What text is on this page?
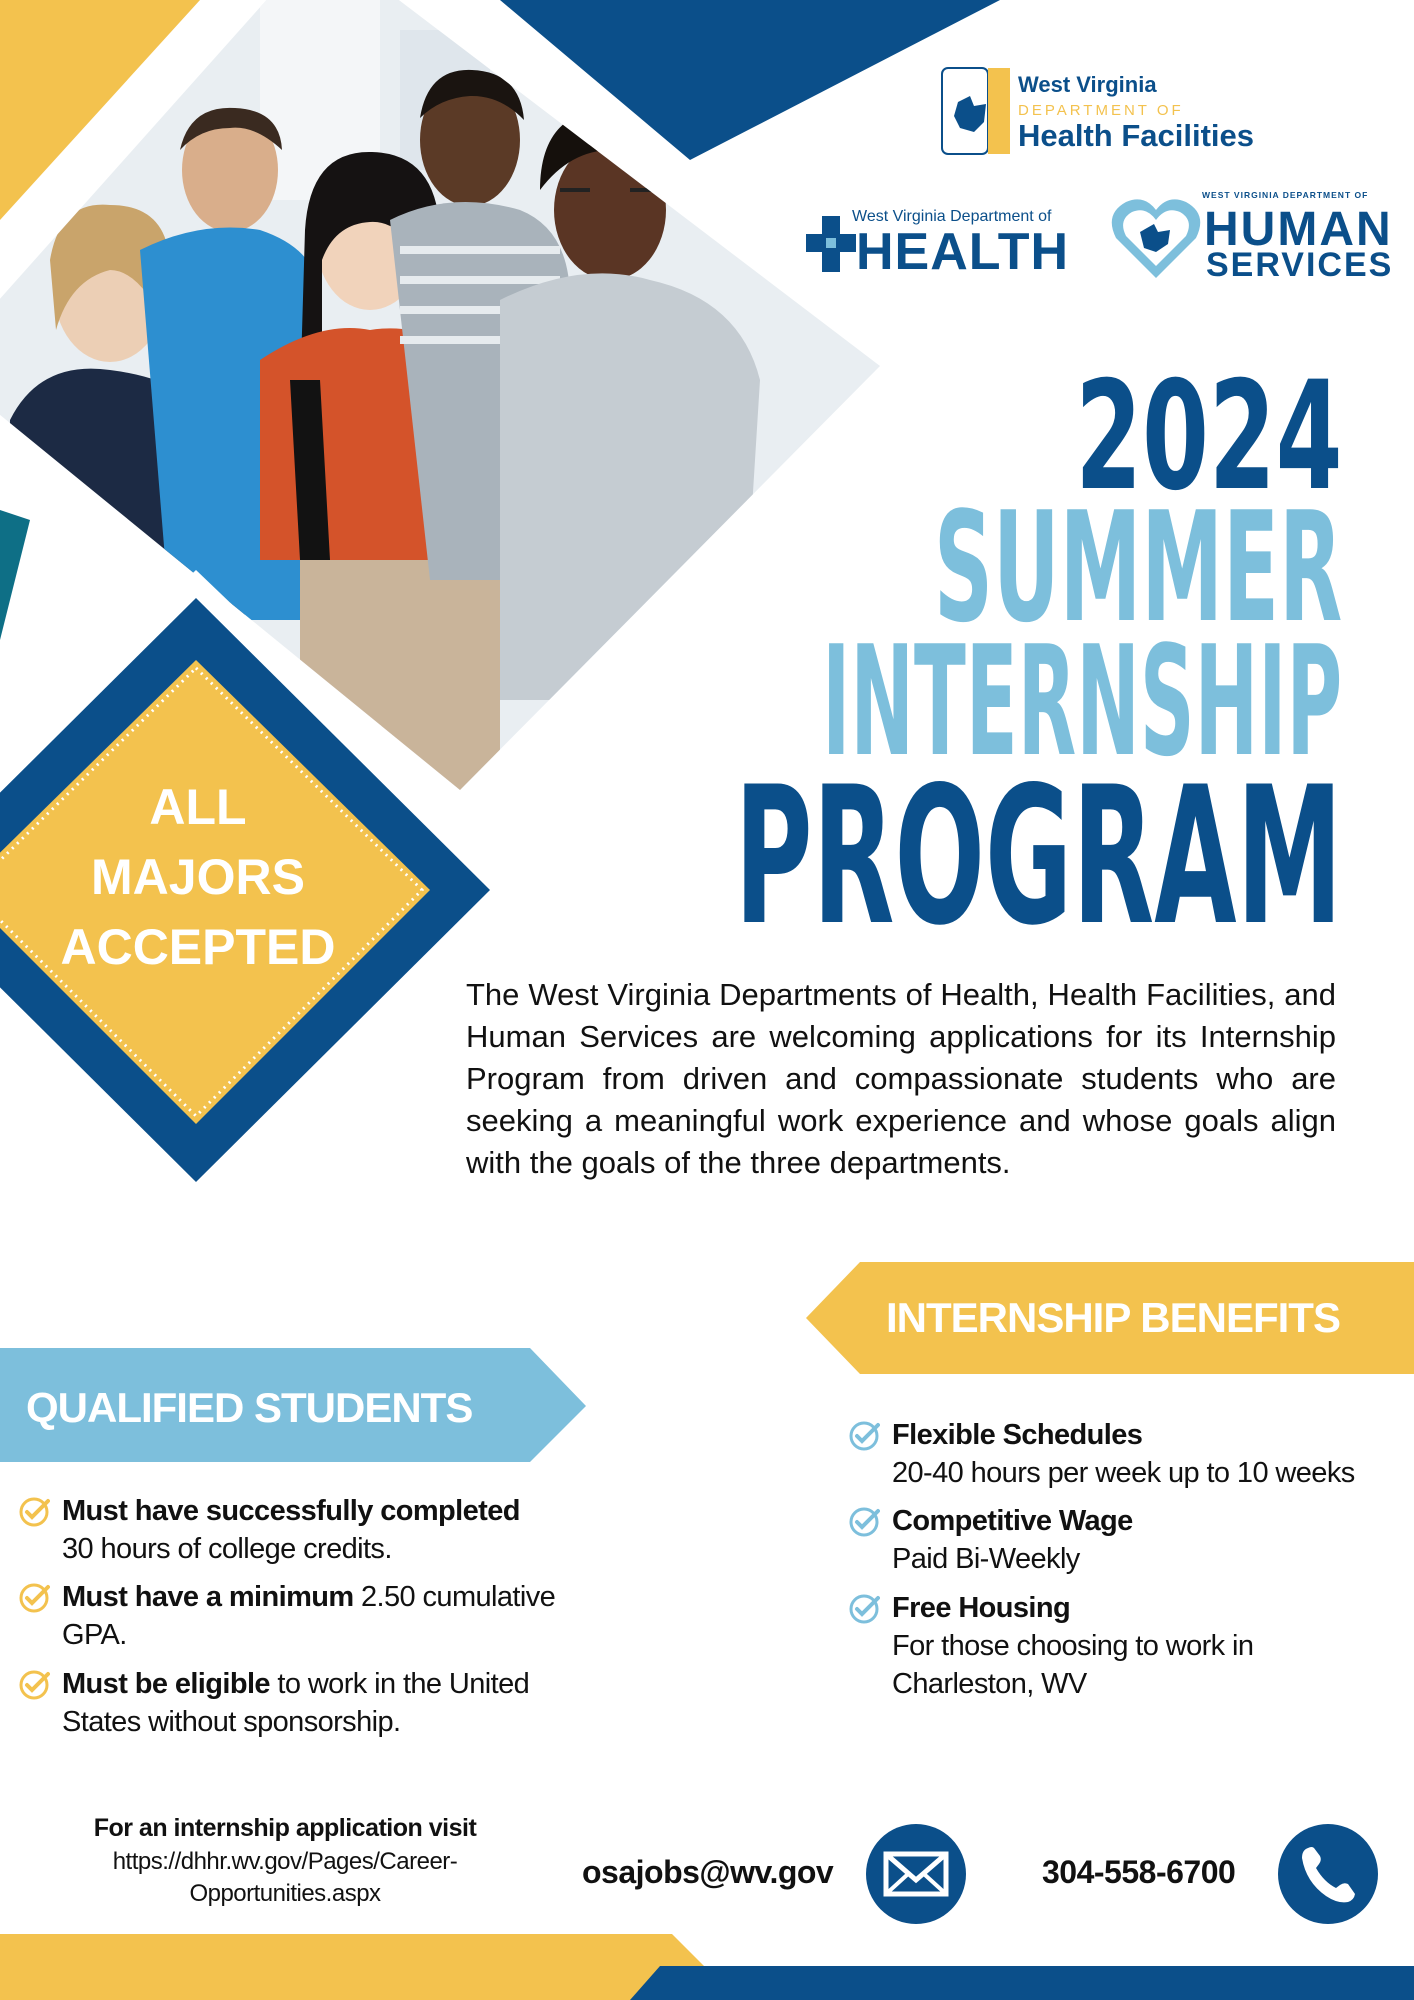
West Virginia
DEPARTMENT OF
Health Facilities
West Virginia Department of
HEALTH
WEST VIRGINIA DEPARTMENT OF
HUMAN
SERVICES
2024
SUMMER
INTERNSHIP
PROGRAM

The West Virginia Departments of Health, Health Facilities, and Human Services are welcoming applications for its Internship Program from driven and compassionate students who are seeking a meaningful work experience and whose goals align with the goals of the three departments.

ALL
MAJORS
ACCEPTED
QUALIFIED STUDENTS
INTERNSHIP BENEFITS
Must have successfully completed
30 hours of college credits.
Must have a minimum 2.50 cumulative GPA.
Must be eligible to work in the United States without sponsorship.
Flexible Schedules
20-40 hours per week up to 10 weeks
Competitive Wage
Paid Bi-Weekly
Free Housing
For those choosing to work in Charleston, WV
For an internship application visit
https://dhhr.wv.gov/Pages/Career-Opportunities.aspx
osajobs@wv.gov	304-558-6700
